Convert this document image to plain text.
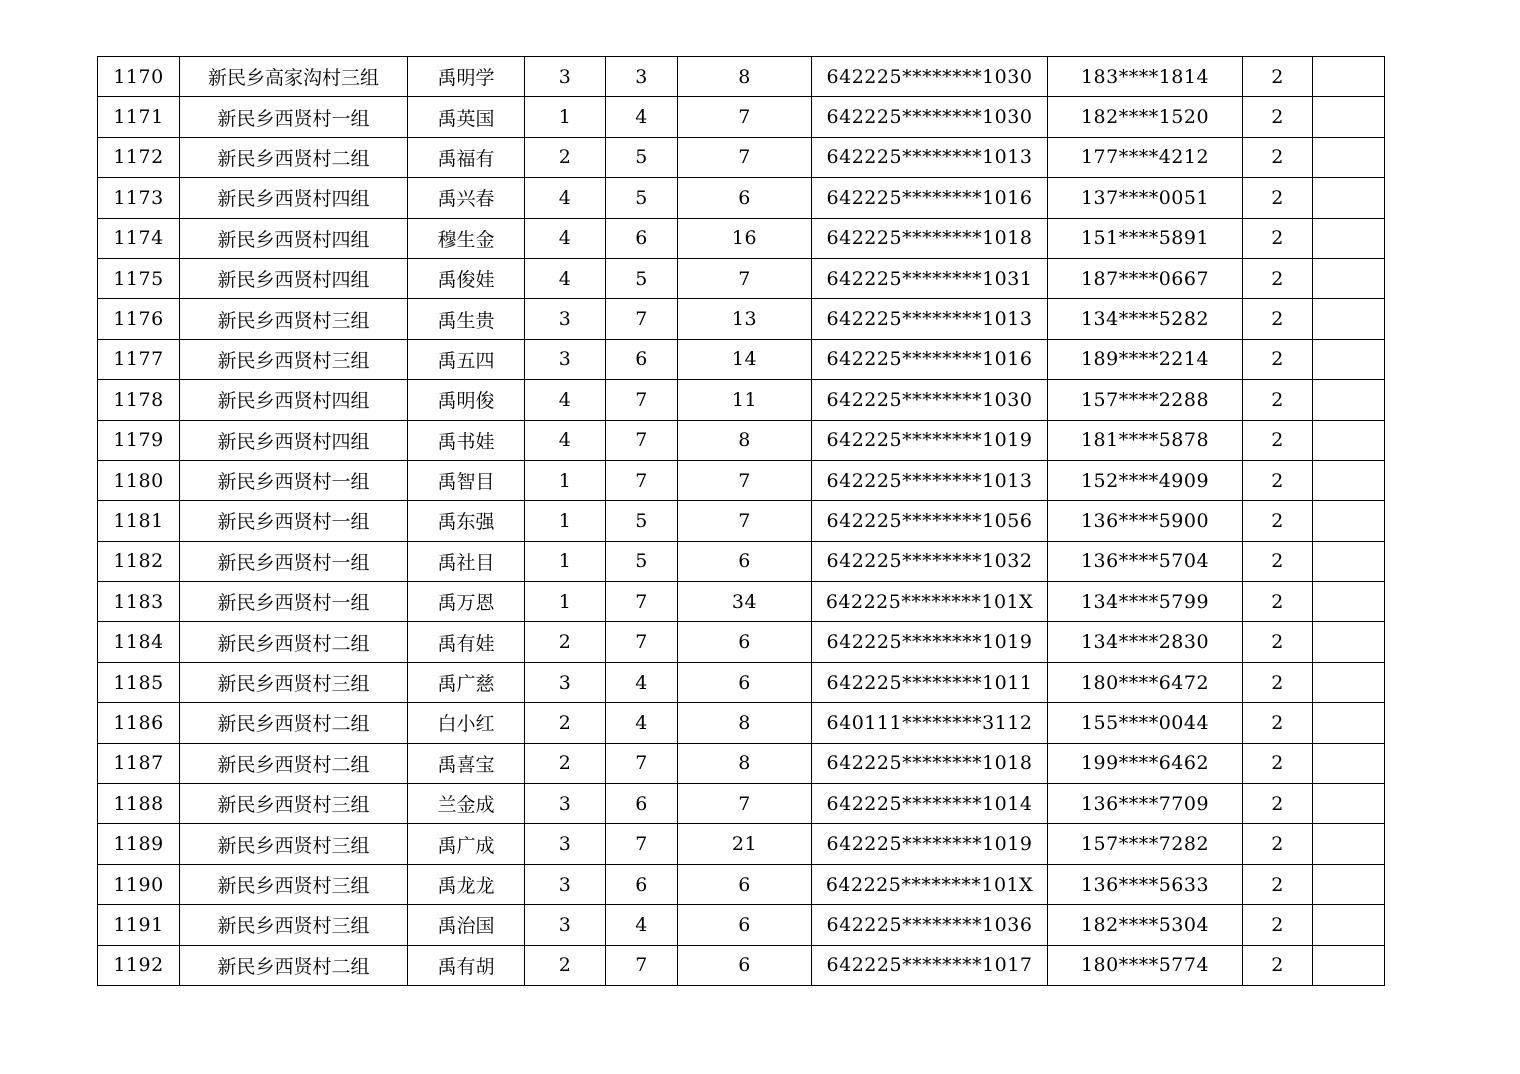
1170	新民乡高家沟村三组	禹明学	3	3	8	642225********1030	183****1814	2	
1171	新民乡西贤村一组	禹英国	1	4	7	642225********1030	182****1520	2	
1172	新民乡西贤村二组	禹福有	2	5	7	642225********1013	177****4212	2	
1173	新民乡西贤村四组	禹兴春	4	5	6	642225********1016	137****0051	2	
1174	新民乡西贤村四组	穆生金	4	6	16	642225********1018	151****5891	2	
1175	新民乡西贤村四组	禹俊娃	4	5	7	642225********1031	187****0667	2	
1176	新民乡西贤村三组	禹生贵	3	7	13	642225********1013	134****5282	2	
1177	新民乡西贤村三组	禹五四	3	6	14	642225********1016	189****2214	2	
1178	新民乡西贤村四组	禹明俊	4	7	11	642225********1030	157****2288	2	
1179	新民乡西贤村四组	禹书娃	4	7	8	642225********1019	181****5878	2	
1180	新民乡西贤村一组	禹智目	1	7	7	642225********1013	152****4909	2	
1181	新民乡西贤村一组	禹东强	1	5	7	642225********1056	136****5900	2	
1182	新民乡西贤村一组	禹社目	1	5	6	642225********1032	136****5704	2	
1183	新民乡西贤村一组	禹万恩	1	7	34	642225********101X	134****5799	2	
1184	新民乡西贤村二组	禹有娃	2	7	6	642225********1019	134****2830	2	
1185	新民乡西贤村三组	禹广慈	3	4	6	642225********1011	180****6472	2	
1186	新民乡西贤村二组	白小红	2	4	8	640111********3112	155****0044	2	
1187	新民乡西贤村二组	禹喜宝	2	7	8	642225********1018	199****6462	2	
1188	新民乡西贤村三组	兰金成	3	6	7	642225********1014	136****7709	2	
1189	新民乡西贤村三组	禹广成	3	7	21	642225********1019	157****7282	2	
1190	新民乡西贤村三组	禹龙龙	3	6	6	642225********101X	136****5633	2	
1191	新民乡西贤村三组	禹治国	3	4	6	642225********1036	182****5304	2	
1192	新民乡西贤村二组	禹有胡	2	7	6	642225********1017	180****5774	2	
